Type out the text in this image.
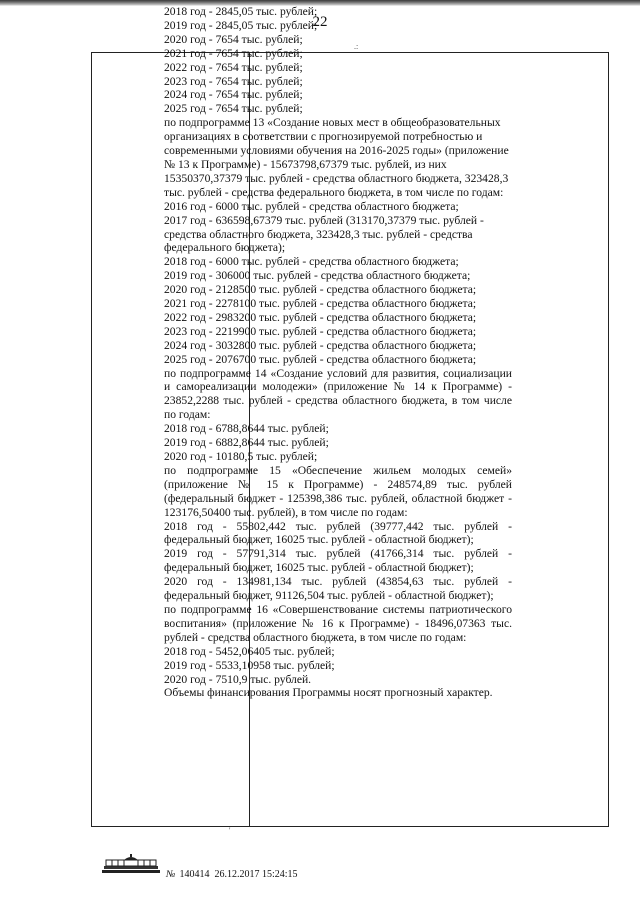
22
.:

2018 год - 2845,05 тыс. рублей;

2019 год - 2845,05 тыс. рублей;

2020 год - 7654 тыс. рублей;

2021 год - 7654 тыс. рублей;

2022 год - 7654 тыс. рублей;

2023 год - 7654 тыс. рублей;

2024 год - 7654 тыс. рублей;

2025 год - 7654 тыс. рублей;

по подпрограмме 13 «Создание новых мест в общеобразовательных организациях в соответствии с прогнозируемой потребностью и современными условиями обучения на 2016-2025 годы» (приложение № 13 к Программе) - 15673798,67379 тыс. рублей, из них 15350370,37379 тыс. рублей - средства областного бюджета, 323428,3 тыс. рублей - средства федерального бюджета, в том числе по годам:

2016 год - 6000 тыс. рублей - средства областного бюджета;

2017 год - 636598,67379 тыс. рублей (313170,37379 тыс. рублей - средства областного бюджета, 323428,3 тыс. рублей - средства федерального бюджета);

2018 год - 6000 тыс. рублей - средства областного бюджета;

2019 год - 306000 тыс. рублей - средства областного бюджета;

2020 год - 2128500 тыс. рублей - средства областного бюджета;

2021 год - 2278100 тыс. рублей - средства областного бюджета;

2022 год - 2983200 тыс. рублей - средства областного бюджета;

2023 год - 2219900 тыс. рублей - средства областного бюджета;

2024 год - 3032800 тыс. рублей - средства областного бюджета;

2025 год - 2076700 тыс. рублей - средства областного бюджета;

по подпрограмме 14 «Создание условий для развития, социализации и самореализации молодежи» (приложение № 14 к Программе) - 23852,2288 тыс. рублей - средства областного бюджета, в том числе по годам:

2018 год - 6788,8644 тыс. рублей;

2019 год - 6882,8644 тыс. рублей;

2020 год - 10180,5 тыс. рублей;

по подпрограмме 15 «Обеспечение жильем молодых семей» (приложение № 15 к Программе) - 248574,89 тыс. рублей (федеральный бюджет - 125398,386 тыс. рублей, областной бюджет - 123176,50400 тыс. рублей), в том числе по годам:

2018 год - 55802,442 тыс. рублей (39777,442 тыс. рублей - федеральный бюджет, 16025 тыс. рублей - областной бюджет);

2019 год - 57791,314 тыс. рублей (41766,314 тыс. рублей - федеральный бюджет, 16025 тыс. рублей - областной бюджет);

2020 год - 134981,134 тыс. рублей (43854,63 тыс. рублей - федеральный бюджет, 91126,504 тыс. рублей - областной бюджет);

по подпрограмме 16 «Совершенствование системы патриотического воспитания» (приложение № 16 к Программе) - 18496,07363 тыс. рублей - средства областного бюджета, в том числе по годам:

2018 год - 5452,06405 тыс. рублей;

2019 год - 5533,10958 тыс. рублей;

2020 год - 7510,9 тыс. рублей.

Объемы финансирования Программы носят прогнозный характер.

'
№ 140414 26.12.2017 15:24:15
